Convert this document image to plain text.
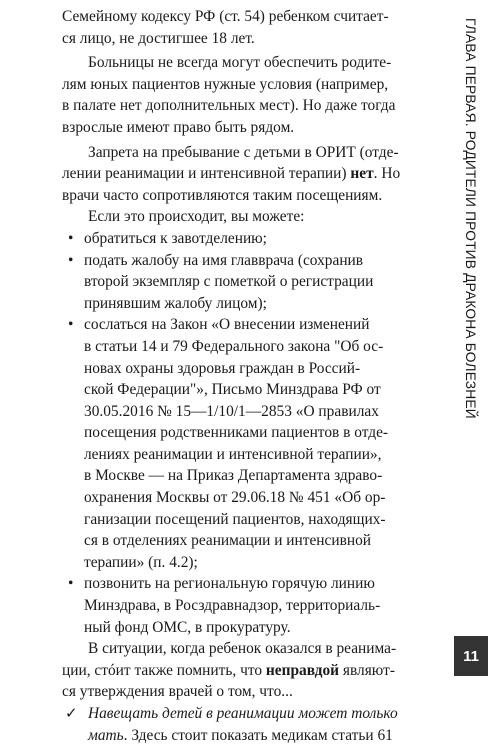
Семейному кодексу РФ (ст. 54) ребенком считает-
ся лицо, не достигшее 18 лет.

Больницы не всегда могут обеспечить родите-
лям юных пациентов нужные условия (например,
в палате нет дополнительных мест). Но даже тогда
взрослые имеют право быть рядом.

Запрета на пребывание с детьми в ОРИТ (отде-
лении реанимации и интенсивной терапии) нет. Но
врачи часто сопротивляются таким посещениям.

Если это происходит, вы можете:

• обратиться к завотделению;

• подать жалобу на имя главврача (сохранив
второй экземпляр с пометкой о регистрации
принявшим жалобу лицом);

• сослаться на Закон «О внесении изменений
в статьи 14 и 79 Федерального закона "Об ос-
новах охраны здоровья граждан в Россий-
ской Федерации"», Письмо Минздрава РФ от
30.05.2016 № 15—1/10/1—2853 «О правилах
посещения родственниками пациентов в отде-
лениях реанимации и интенсивной терапии»,
в Москве — на Приказ Департамента здраво-
охранения Москвы от 29.06.18 № 451 «Об ор-
ганизации посещений пациентов, находящих-
ся в отделениях реанимации и интенсивной
терапии» (п. 4.2);

• позвонить на региональную горячую линию
Минздрава, в Росздравнадзор, территориаль-
ный фонд ОМС, в прокуратуру.

В ситуации, когда ребенок оказался в реанима-
ции, стóит также помнить, что неправдой являют-
ся утверждения врачей о том, что...

✓ Навещать детей в реанимации может только
мать. Здесь стоит показать медикам статьи 61

ГЛАВА ПЕРВАЯ. РОДИТЕЛИ ПРОТИВ ДРАКОНА БОЛЕЗНЕЙ
11
